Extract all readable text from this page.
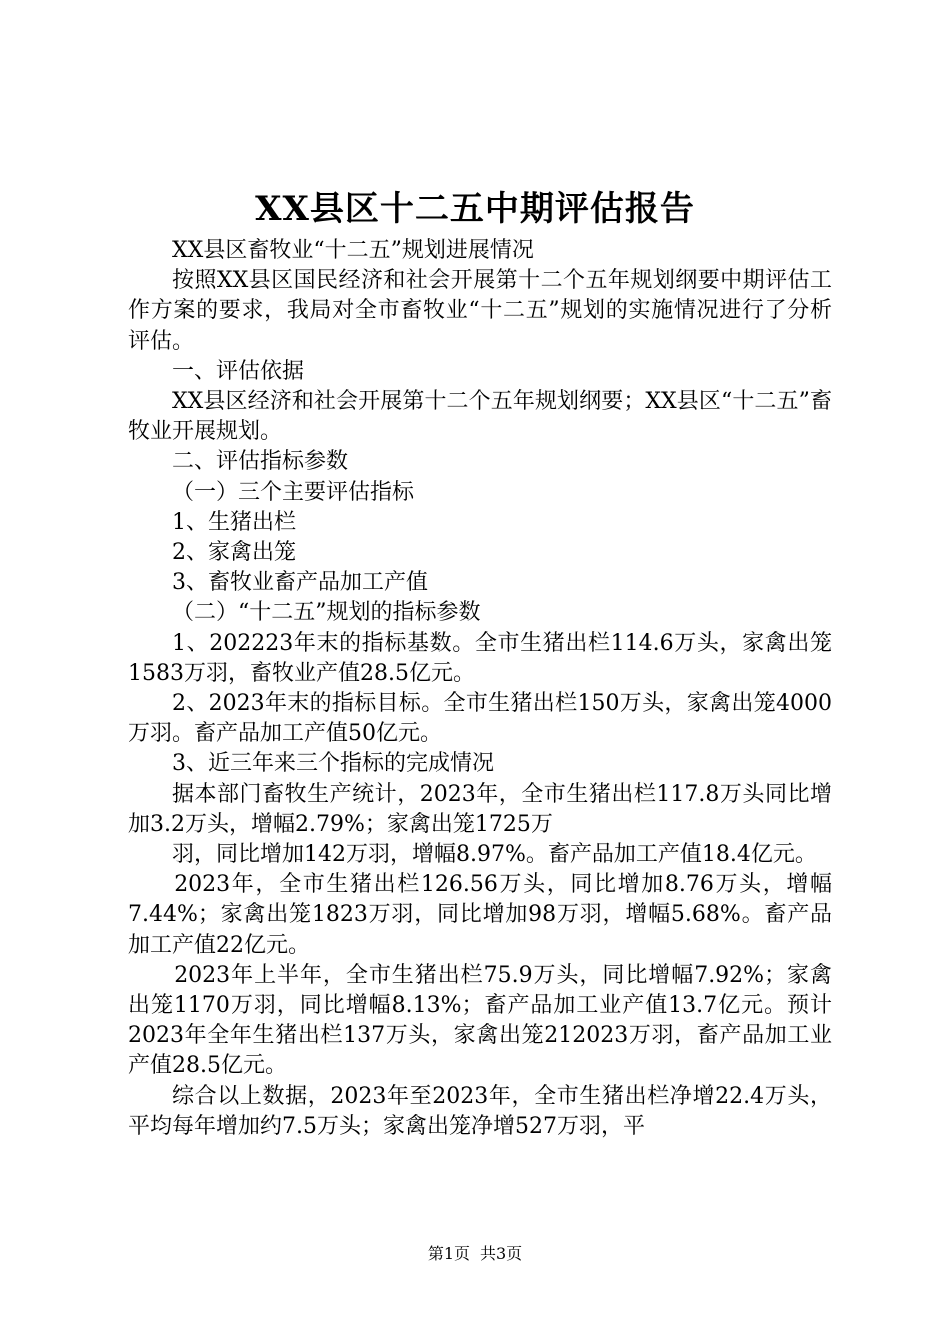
XX县区十二五中期评估报告

XX县区畜牧业“十二五”规划进展情况

按照XX县区国民经济和社会开展第十二个五年规划纲要中期评估工作方案的要求，我局对全市畜牧业“十二五”规划的实施情况进行了分析评估。

一、评估依据

XX县区经济和社会开展第十二个五年规划纲要；XX县区“十二五”畜牧业开展规划。

二、评估指标参数

（一）三个主要评估指标

1、生猪出栏

2、家禽出笼

3、畜牧业畜产品加工产值

（二）“十二五”规划的指标参数

1、202223年末的指标基数。全市生猪出栏114.6万头，家禽出笼1583万羽，畜牧业产值28.5亿元。

2、2023年末的指标目标。全市生猪出栏150万头，家禽出笼4000万羽。畜产品加工产值50亿元。

3、近三年来三个指标的完成情况

据本部门畜牧生产统计，2023年，全市生猪出栏117.8万头同比增加3.2万头，增幅2.79%；家禽出笼1725万

羽，同比增加142万羽，增幅8.97%。畜产品加工产值18.4亿元。

2023年，全市生猪出栏126.56万头，同比增加8.76万头，增幅7.44%；家禽出笼1823万羽，同比增加98万羽，增幅5.68%。畜产品加工产值22亿元。

2023年上半年，全市生猪出栏75.9万头，同比增幅7.92%；家禽出笼1170万羽，同比增幅8.13%；畜产品加工业产值13.7亿元。预计2023年全年生猪出栏137万头，家禽出笼212023万羽，畜产品加工业产值28.5亿元。

综合以上数据，2023年至2023年，全市生猪出栏净增22.4万头，平均每年增加约7.5万头；家禽出笼净增527万羽，平

第1页 共3页
